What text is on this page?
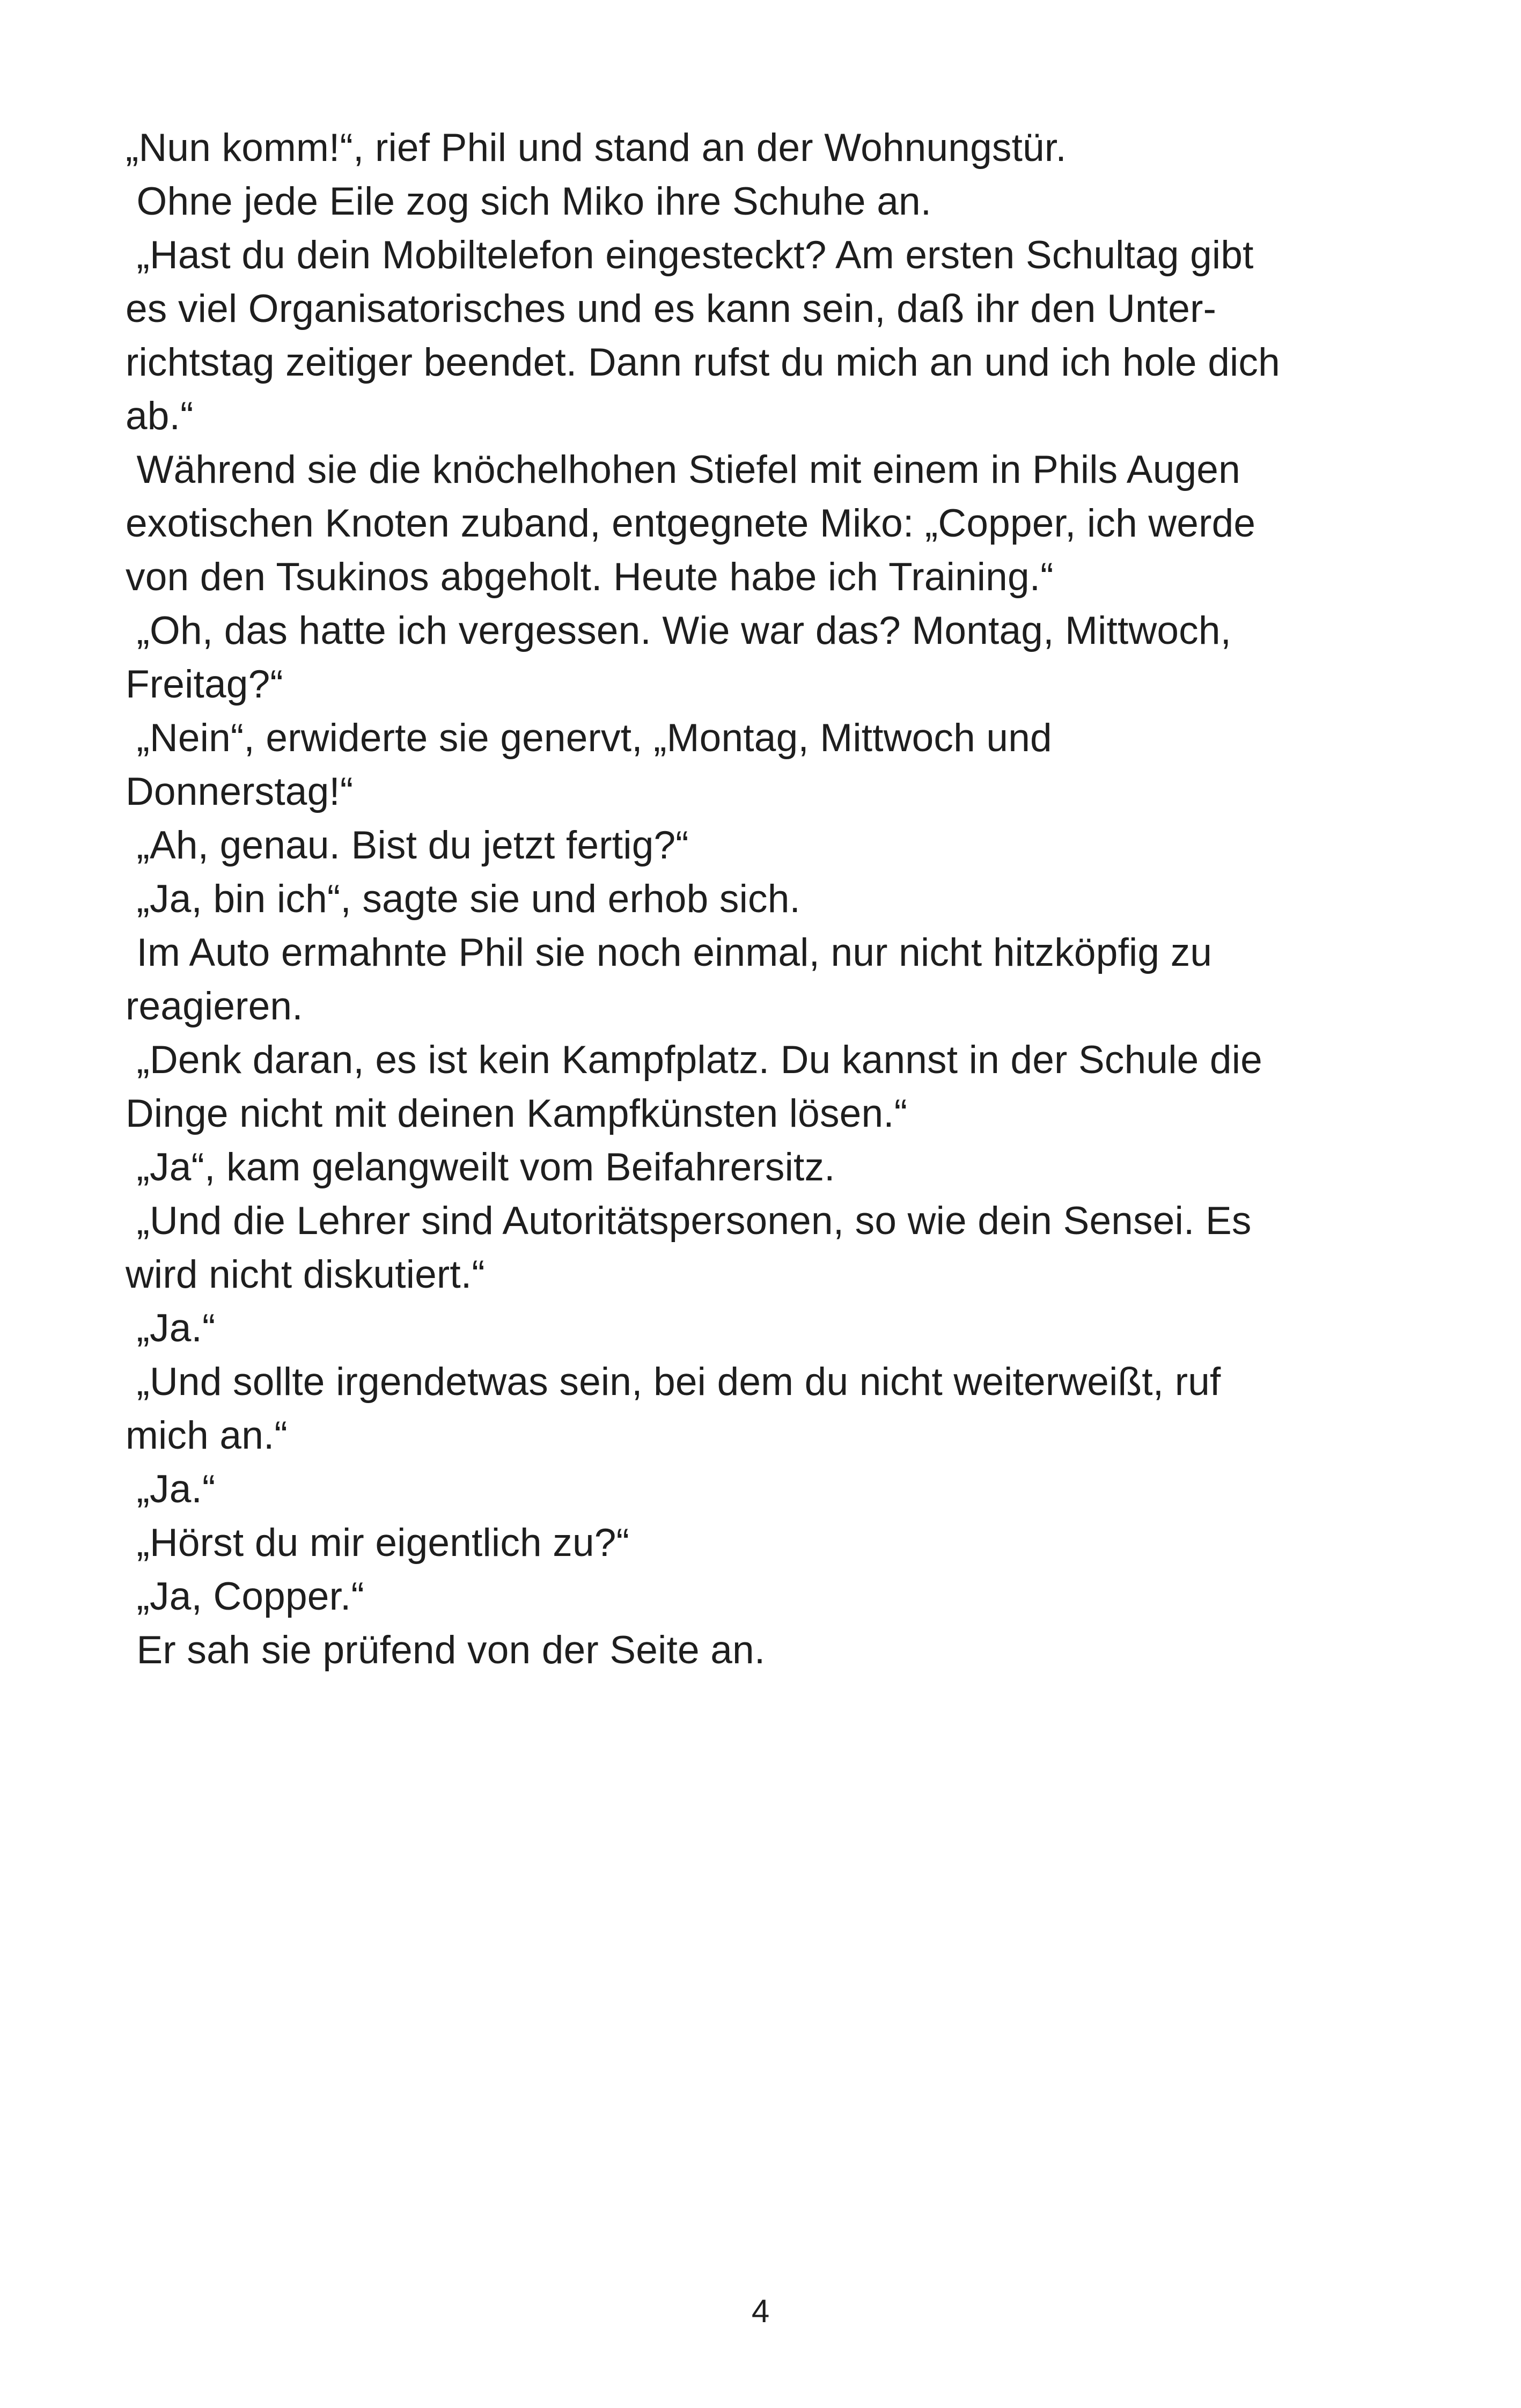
„Nun komm!“, rief Phil und stand an der Wohnungstür.

Ohne jede Eile zog sich Miko ihre Schuhe an.

„Hast du dein Mobiltelefon eingesteckt? Am ersten Schultag gibt

es viel Organisatorisches und es kann sein, daß ihr den Unter-

richtstag zeitiger beendet. Dann rufst du mich an und ich hole dich

ab.“

Während sie die knöchelhohen Stiefel mit einem in Phils Augen

exotischen Knoten zuband, entgegnete Miko: „Copper, ich werde

von den Tsukinos abgeholt. Heute habe ich Training.“

„Oh, das hatte ich vergessen. Wie war das? Montag, Mittwoch,

Freitag?“

„Nein“, erwiderte sie genervt, „Montag, Mittwoch und

Donnerstag!“

„Ah, genau. Bist du jetzt fertig?“

„Ja, bin ich“, sagte sie und erhob sich.

Im Auto ermahnte Phil sie noch einmal, nur nicht hitzköpfig zu

reagieren.

„Denk daran, es ist kein Kampfplatz. Du kannst in der Schule die

Dinge nicht mit deinen Kampfkünsten lösen.“

„Ja“, kam gelangweilt vom Beifahrersitz.

„Und die Lehrer sind Autoritätspersonen, so wie dein Sensei. Es

wird nicht diskutiert.“

„Ja.“

„Und sollte irgendetwas sein, bei dem du nicht weiterweißt, ruf

mich an.“

„Ja.“

„Hörst du mir eigentlich zu?“

„Ja, Copper.“

Er sah sie prüfend von der Seite an.

4
